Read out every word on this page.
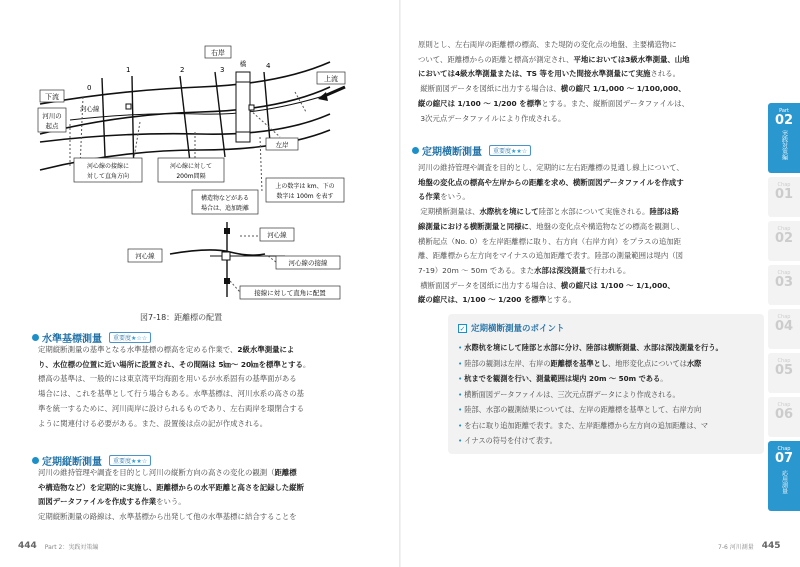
右岸
下流
上流
河川の
起点
河心線
橋
0
1	2	3	4
河心線の接線に
対して直角方向
河心線に対して
200m間隔
左岸
構造物などがある
場合は、追加距離
上の数字は km、下の
数字は 100m を表す
河心線
河心線
河心線の接線
接線に対して直角に配置
図7-18：距離標の配置
水準基標測量	重要度★☆☆
定期縦断測量の基準となる水準基標の標高を定める作業で、2級水準測量によ
り、水位標の位置に近い場所に設置され、その間隔は 5㎞〜 20㎞を標準とする。
標高の基準は、一般的には東京湾平均海面を用いるが水系固有の基準面がある
場合には、これを基準として行う場合もある。水準基標は、河川水系の高さの基
準を統一するために、河川両岸に設けられるものであり、左右両岸を環閉合する
ように関連付ける必要がある。また、設置後は点の記が作成される。
定期縦断測量	重要度★★☆
河川の維持管理や調査を目的とし河川の縦断方向の高さの変化の観測（距離標
や構造物など）を定期的に実施し、距離標からの水平距離と高さを記録した縦断
面図データファイルを作成する作業をいう。
定期縦断測量の路線は、水準基標から出発して他の水準基標に結合することを
原則とし、左右両岸の距離標の標高、また堤防の変化点の地盤、主要構造物に
ついて、距離標からの距離と標高が測定され、平地においては3級水準測量、山地
においては4級水準測量または、TS 等を用いた間接水準測量にて実施される。
縦断面図データを図紙に出力する場合は、横の縮尺 1/1,000 〜 1/100,000、
縦の縮尺は 1/100 〜 1/200 を標準とする。また、縦断面図データファイルは、
3次元点データファイルにより作成される。
定期横断測量	重要度★★☆
河川の維持管理や調査を目的とし、定期的に左右距離標の見通し線上について、
地盤の変化点の標高や左岸からの距離を求め、横断面図データファイルを作成す
る作業をいう。
定期横断測量は、水際杭を境にして陸部と水部について実施される。陸部は路
線測量における横断測量と同様に、地盤の変化点や構造物などの標高を観測し、
横断起点（No. 0）を左岸距離標に取り、右方向（右岸方向）をプラスの追加距
離、距離標から左方向をマイナスの追加距離で表す。陸部の測量範囲は堤内（図
7-19）20m 〜 50m である。また水部は深浅測量で行われる。
横断面図データを図紙に出力する場合は、横の縮尺は 1/100 〜 1/1,000、
縦の縮尺は、1/100 〜 1/200 を標準とする。
✓ 定期横断測量のポイント
• 水際杭を境にして陸部と水部に分け、陸部は横断測量、水部は深浅測量を行う。
• 陸部の観測は左岸、右岸の距離標を基準とし、地形変化点については水際
• 杭までを観測を行い、測量範囲は堤内 20m 〜 50m である。
• 横断面図データファイルは、三次元点群データにより作成される。
• 陸部、水部の観測結果については、左岸の距離標を基準として、右岸方向
• を右に取り追加距離で表す。また、左岸距離標から左方向の追加距離は、マ
• イナスの符号を付けて表す。
Part
02
実践対策編
Chap
01
Chap
02
Chap
03
Chap
04
Chap
05
Chap
06
Chap
07
応用測量
444 Part 2：実践対策編	7-6 河川測量 445
